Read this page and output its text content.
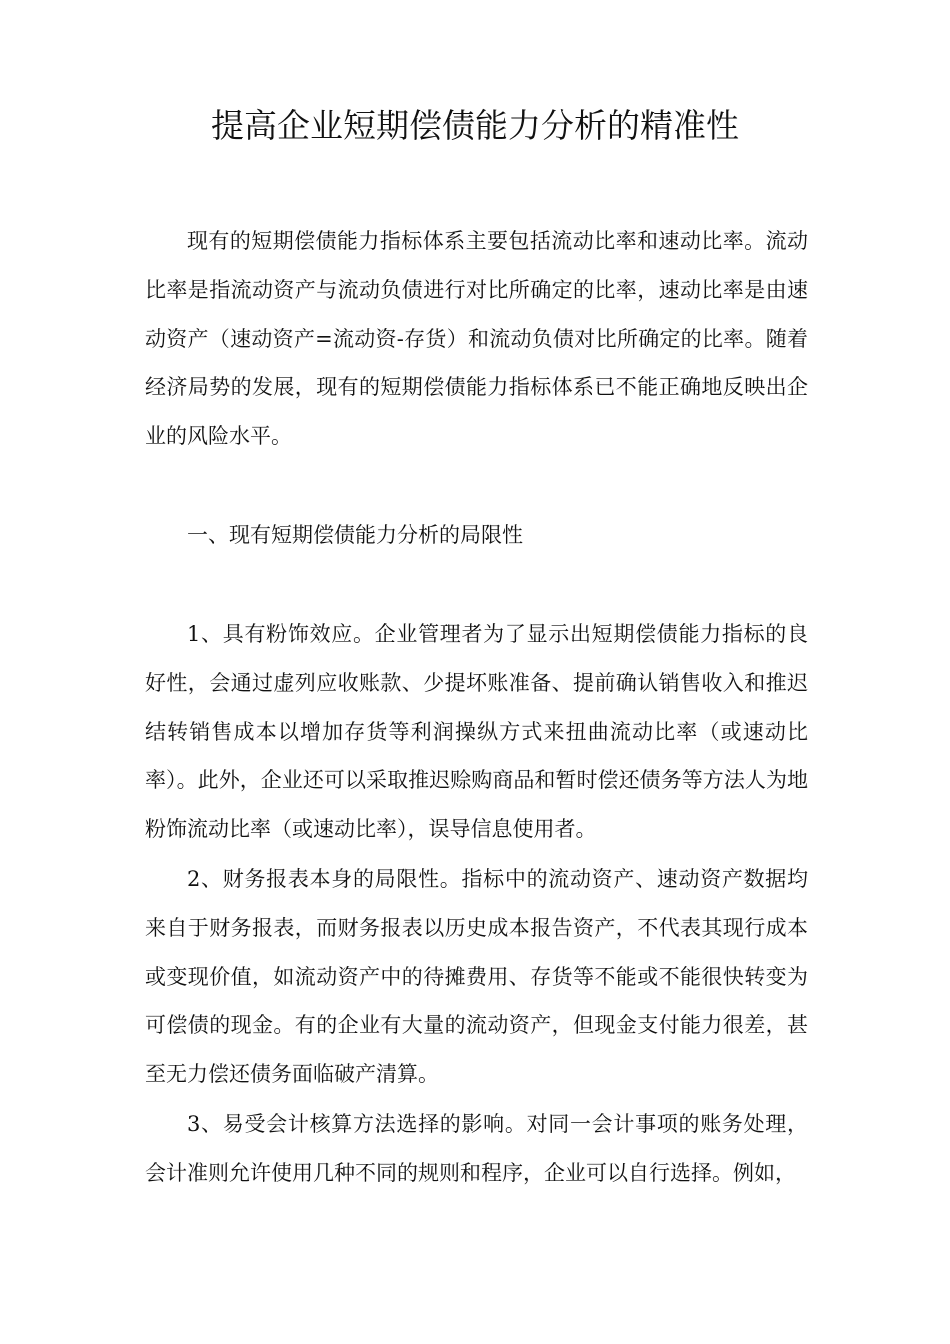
提高企业短期偿债能力分析的精准性

现有的短期偿债能力指标体系主要包括流动比率和速动比率。流动比率是指流动资产与流动负债进行对比所确定的比率，速动比率是由速动资产（速动资产=流动资-存货）和流动负债对比所确定的比率。随着经济局势的发展，现有的短期偿债能力指标体系已不能正确地反映出企业的风险水平。

一、现有短期偿债能力分析的局限性

1、具有粉饰效应。企业管理者为了显示出短期偿债能力指标的良好性，会通过虚列应收账款、少提坏账准备、提前确认销售收入和推迟结转销售成本以增加存货等利润操纵方式来扭曲流动比率（或速动比率）。此外，企业还可以采取推迟赊购商品和暂时偿还债务等方法人为地粉饰流动比率（或速动比率），误导信息使用者。

2、财务报表本身的局限性。指标中的流动资产、速动资产数据均来自于财务报表，而财务报表以历史成本报告资产，不代表其现行成本或变现价值，如流动资产中的待摊费用、存货等不能或不能很快转变为可偿债的现金。有的企业有大量的流动资产，但现金支付能力很差，甚至无力偿还债务面临破产清算。

3、易受会计核算方法选择的影响。对同一会计事项的账务处理，会计准则允许使用几种不同的规则和程序，企业可以自行选择。例如，
